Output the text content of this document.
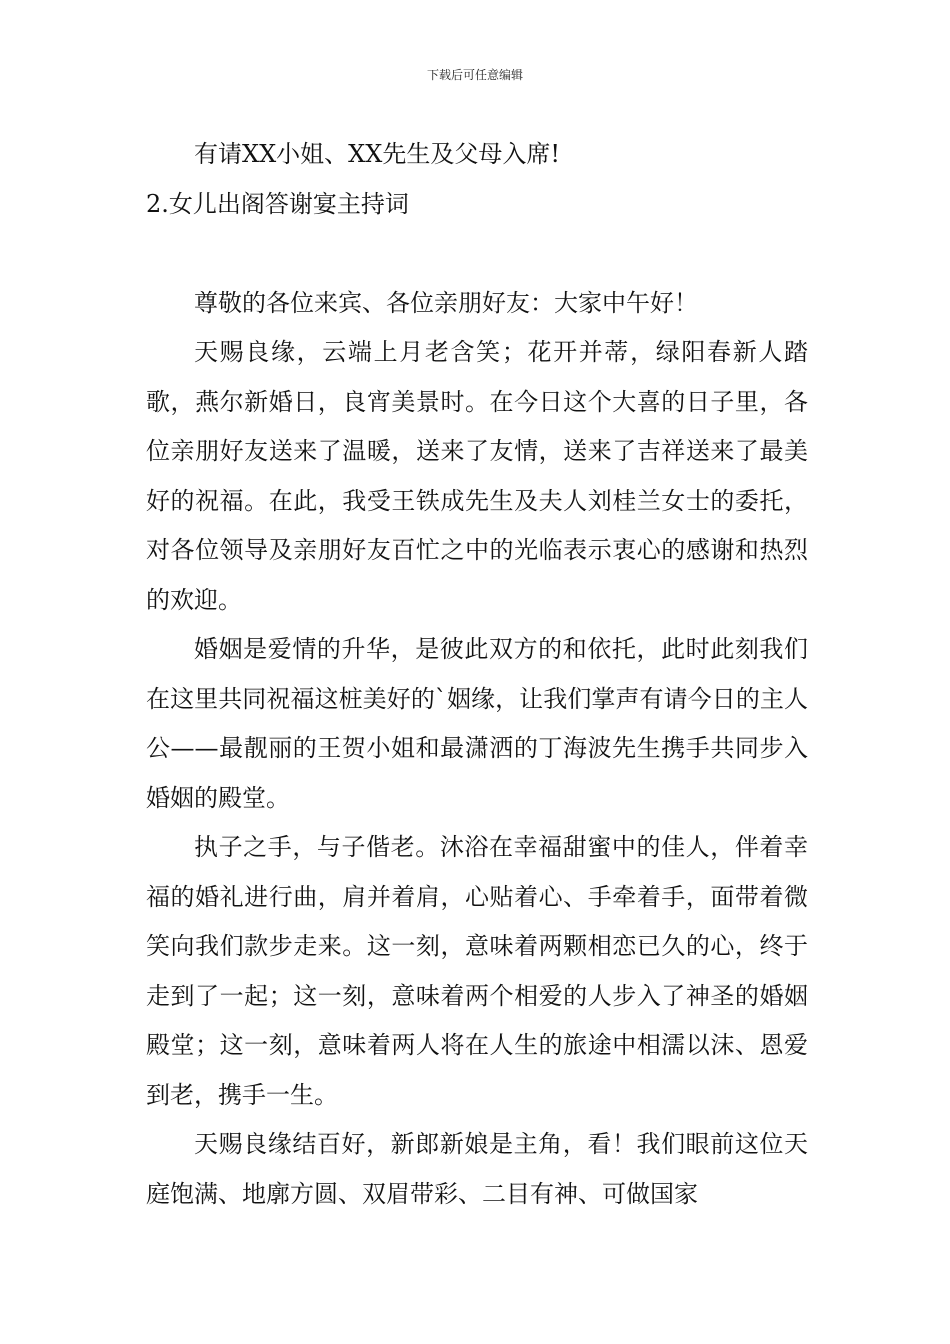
下载后可任意编辑

有请XX小姐、XX先生及父母入席!

2.女儿出阁答谢宴主持词

尊敬的各位来宾、各位亲朋好友：大家中午好！

天赐良缘，云端上月老含笑；花开并蒂，绿阳春新人踏歌，燕尔新婚日，良宵美景时。在今日这个大喜的日子里，各位亲朋好友送来了温暖，送来了友情，送来了吉祥送来了最美好的祝福。在此，我受王铁成先生及夫人刘桂兰女士的委托，对各位领导及亲朋好友百忙之中的光临表示衷心的感谢和热烈的欢迎。

婚姻是爱情的升华，是彼此双方的和依托，此时此刻我们在这里共同祝福这桩美好的`姻缘，让我们掌声有请今日的主人公——最靓丽的王贺小姐和最潇洒的丁海波先生携手共同步入婚姻的殿堂。

执子之手，与子偕老。沐浴在幸福甜蜜中的佳人，伴着幸福的婚礼进行曲，肩并着肩，心贴着心、手牵着手，面带着微笑向我们款步走来。这一刻，意味着两颗相恋已久的心，终于走到了一起；这一刻，意味着两个相爱的人步入了神圣的婚姻殿堂；这一刻，意味着两人将在人生的旅途中相濡以沫、恩爱到老，携手一生。

天赐良缘结百好，新郎新娘是主角，看！我们眼前这位天庭饱满、地廓方圆、双眉带彩、二目有神、可做国家
